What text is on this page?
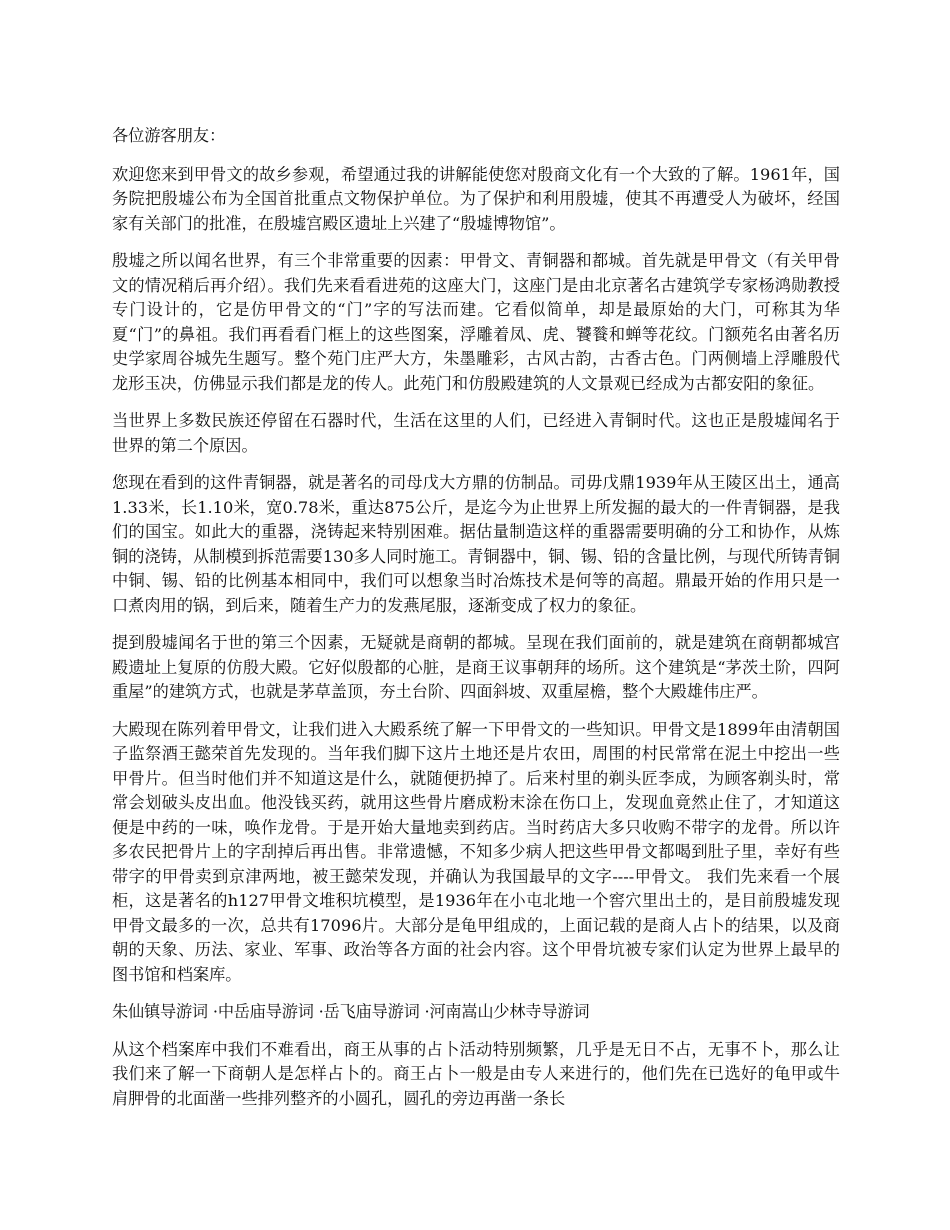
各位游客朋友：

欢迎您来到甲骨文的故乡参观，希望通过我的讲解能使您对殷商文化有一个大致的了解。1961年，国务院把殷墟公布为全国首批重点文物保护单位。为了保护和利用殷墟，使其不再遭受人为破坏，经国家有关部门的批准，在殷墟宫殿区遗址上兴建了“殷墟博物馆”。

殷墟之所以闻名世界，有三个非常重要的因素：甲骨文、青铜器和都城。首先就是甲骨文（有关甲骨文的情况稍后再介绍）。我们先来看看进苑的这座大门，这座门是由北京著名古建筑学专家杨鸿勋教授专门设计的，它是仿甲骨文的“门”字的写法而建。它看似简单，却是最原始的大门，可称其为华夏“门”的鼻祖。我们再看看门框上的这些图案，浮雕着凤、虎、饕餮和蝉等花纹。门额苑名由著名历史学家周谷城先生题写。整个苑门庄严大方，朱墨雕彩，古风古韵，古香古色。门两侧墙上浮雕殷代龙形玉决，仿佛显示我们都是龙的传人。此苑门和仿殷殿建筑的人文景观已经成为古都安阳的象征。

当世界上多数民族还停留在石器时代，生活在这里的人们，已经进入青铜时代。这也正是殷墟闻名于世界的第二个原因。

您现在看到的这件青铜器，就是著名的司母戊大方鼎的仿制品。司毋戊鼎1939年从王陵区出土，通高1.33米，长1.10米，宽0.78米，重达875公斤，是迄今为止世界上所发掘的最大的一件青铜器，是我们的国宝。如此大的重器，浇铸起来特别困难。据估量制造这样的重器需要明确的分工和协作，从炼铜的浇铸，从制模到拆范需要130多人同时施工。青铜器中，铜、锡、铅的含量比例，与现代所铸青铜中铜、锡、铅的比例基本相同中，我们可以想象当时冶炼技术是何等的高超。鼎最开始的作用只是一口煮肉用的锅，到后来，随着生产力的发燕尾服，逐渐变成了权力的象征。

提到殷墟闻名于世的第三个因素，无疑就是商朝的都城。呈现在我们面前的，就是建筑在商朝都城宫殿遗址上复原的仿殷大殿。它好似殷都的心脏，是商王议事朝拜的场所。这个建筑是“茅茨土阶，四阿重屋”的建筑方式，也就是茅草盖顶，夯土台阶、四面斜坡、双重屋檐，整个大殿雄伟庄严。

大殿现在陈列着甲骨文，让我们进入大殿系统了解一下甲骨文的一些知识。甲骨文是1899年由清朝国子监祭酒王懿荣首先发现的。当年我们脚下这片土地还是片农田，周围的村民常常在泥土中挖出一些甲骨片。但当时他们并不知道这是什么，就随便扔掉了。后来村里的剃头匠李成，为顾客剃头时，常常会划破头皮出血。他没钱买药，就用这些骨片磨成粉末涂在伤口上，发现血竟然止住了，才知道这便是中药的一味，唤作龙骨。于是开始大量地卖到药店。当时药店大多只收购不带字的龙骨。所以许多农民把骨片上的字刮掉后再出售。非常遗憾，不知多少病人把这些甲骨文都喝到肚子里，幸好有些带字的甲骨卖到京津两地，被王懿荣发现，并确认为我国最早的文字----甲骨文。 我们先来看一个展柜，这是著名的h127甲骨文堆积坑模型，是1936年在小屯北地一个窖穴里出土的，是目前殷墟发现甲骨文最多的一次，总共有17096片。大部分是龟甲组成的，上面记载的是商人占卜的结果，以及商朝的天象、历法、家业、军事、政治等各方面的社会内容。这个甲骨坑被专家们认定为世界上最早的图书馆和档案库。

朱仙镇导游词 ·中岳庙导游词 ·岳飞庙导游词 ·河南嵩山少林寺导游词

从这个档案库中我们不难看出，商王从事的占卜活动特别频繁，几乎是无日不占，无事不卜，那么让我们来了解一下商朝人是怎样占卜的。商王占卜一般是由专人来进行的，他们先在已选好的龟甲或牛肩胛骨的北面凿一些排列整齐的小圆孔，圆孔的旁边再凿一条长
